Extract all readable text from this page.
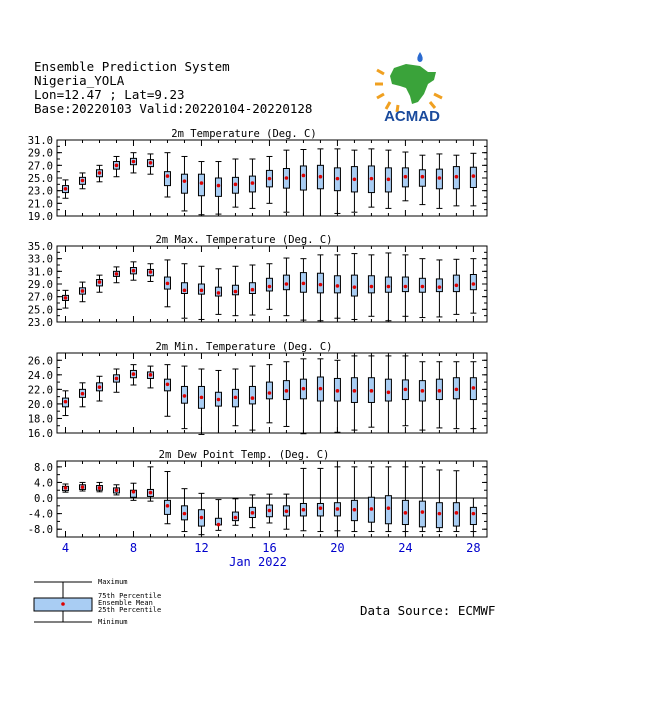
Ensemble Prediction System
Nigeria_YOLA
Lon=12.47 ; Lat=9.23
Base:20220103 Valid:20220104-20220128	ACMAD
2m Temperature (Deg. C)
31.0
29.0
27.0
25.0
23.0
21.0
19.0
2m Max. Temperature (Deg. C)
35.0
33.0
31.0
29.0
27.0
25.0
23.0
2m Min. Temperature (Deg. C)
26.0
24.0
22.0
20.0
18.0
16.0
2m Dew Point Temp. (Deg. C)
8.0
4.0
0.0
-4.0
-8.0
4	8	12	16	20	24	28
Jan 2022
Maximum
75th Percentile
Ensemble Mean
25th Percentile
Minimum
Data Source: ECMWF
